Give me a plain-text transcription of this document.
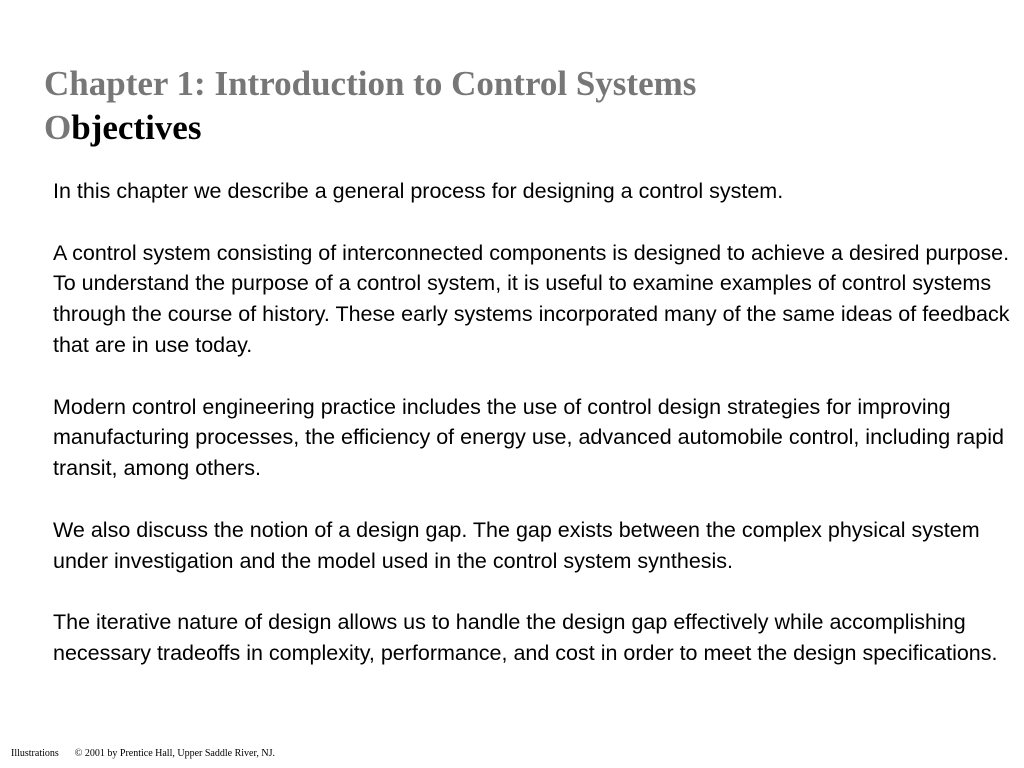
Chapter 1: Introduction to Control Systems
Objectives

In this chapter we describe a general process for designing a control system.

A control system consisting of interconnected components is designed to achieve a desired purpose. To understand the purpose of a control system, it is useful to examine examples of control systems through the course of history. These early systems incorporated many of the same ideas of feedback that are in use today.

Modern control engineering practice includes the use of control design strategies for improving manufacturing processes, the efficiency of energy use, advanced automobile control, including rapid transit, among others.

We also discuss the notion of a design gap. The gap exists between the complex physical system under investigation and the model used in the control system synthesis.

The iterative nature of design allows us to handle the design gap effectively while accomplishing necessary tradeoffs in complexity, performance, and cost in order to meet the design specifications.

Illustrations © 2001 by Prentice Hall, Upper Saddle River, NJ.
